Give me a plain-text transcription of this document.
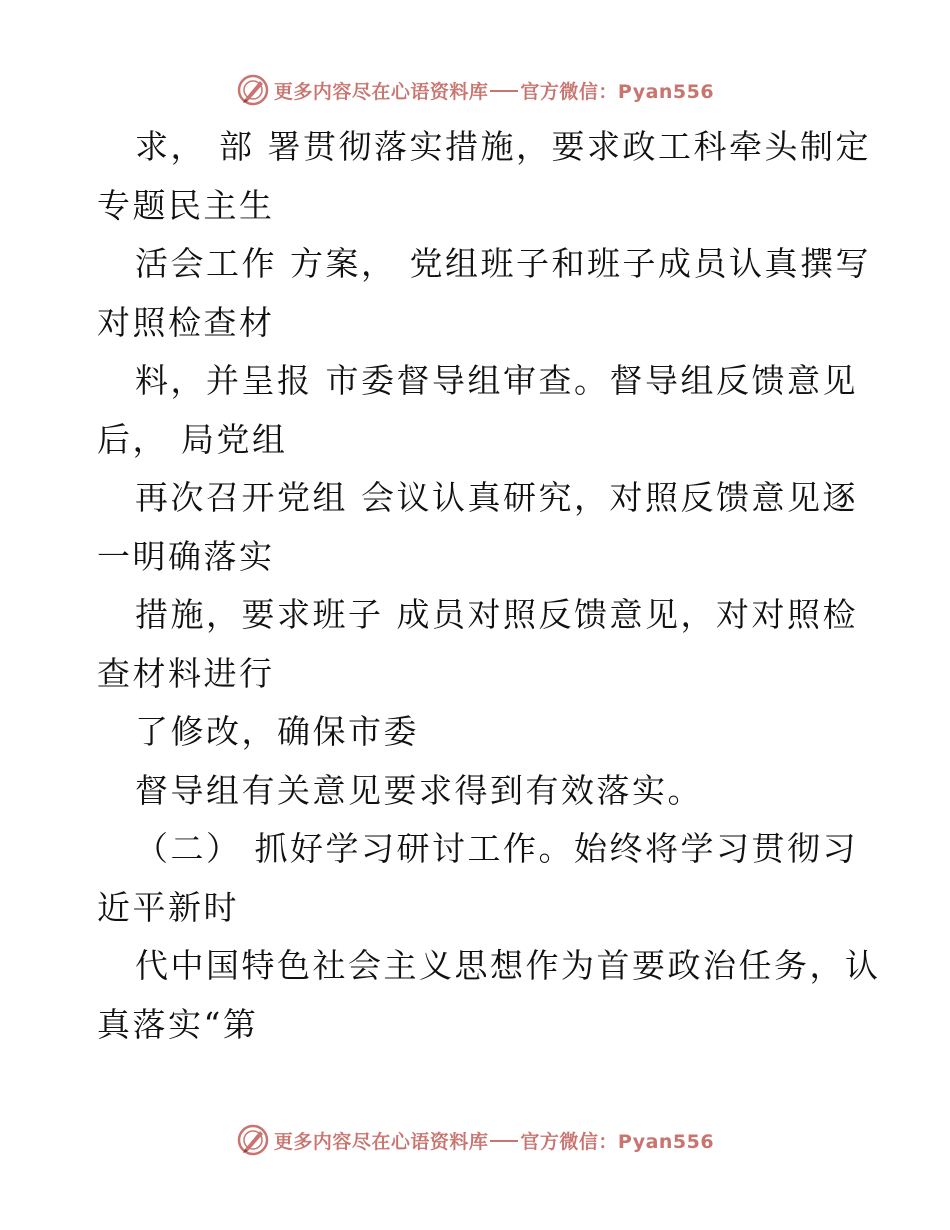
更多内容尽在心语资料库 官方微信：Pyan556
求， 部 署贯彻落实措施，要求政工科牵头制定
专题民主生
活会工作 方案， 党组班子和班子成员认真撰写
对照检查材
料，并呈报 市委督导组审查。督导组反馈意见
后， 局党组
再次召开党组 会议认真研究，对照反馈意见逐
一明确落实
措施，要求班子 成员对照反馈意见，对对照检
查材料进行
了修改，确保市委
督导组有关意见要求得到有效落实。
（二） 抓好学习研讨工作。始终将学习贯彻习
近平新时
代中国特色社会主义思想作为首要政治任务，认
真落实“第
更多内容尽在心语资料库 官方微信：Pyan556
